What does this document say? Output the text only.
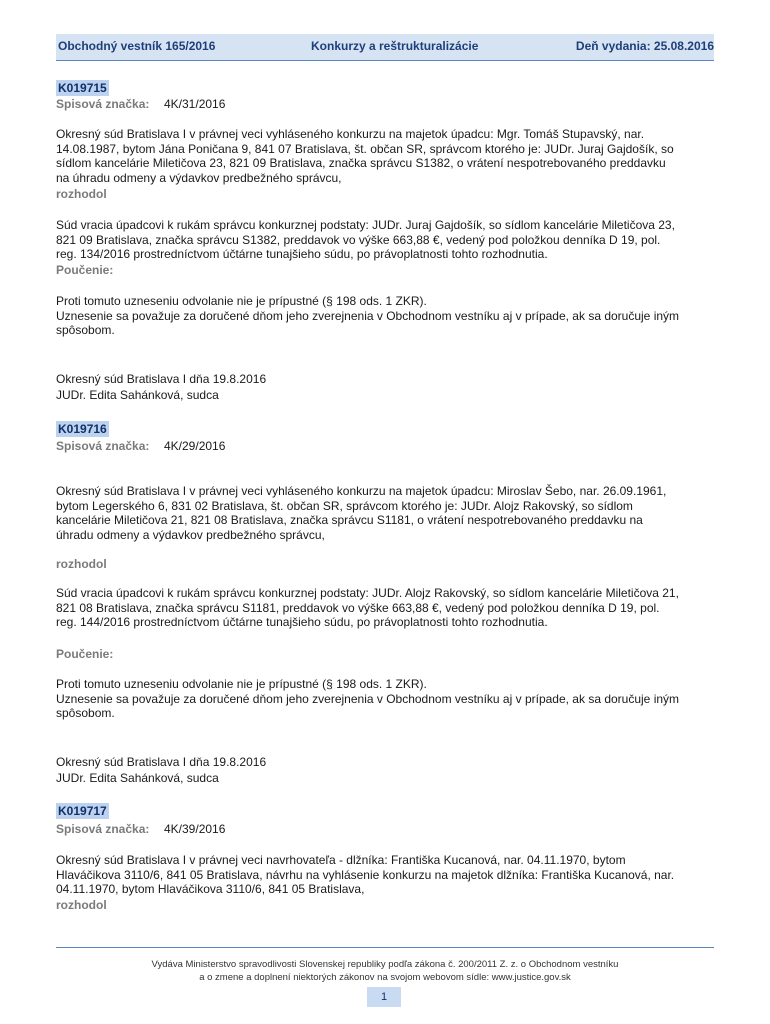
Obchodný vestník 165/2016	Konkurzy a reštrukturalizácie	Deň vydania: 25.08.2016
K019715
Spisová značka: 4K/31/2016
Okresný súd Bratislava I v právnej veci vyhláseného konkurzu na majetok úpadcu: Mgr. Tomáš Stupavský, nar.
14.08.1987, bytom Jána Poničana 9, 841 07 Bratislava, št. občan SR, správcom ktorého je: JUDr. Juraj Gajdošík, so
sídlom kancelárie Miletičova 23, 821 09 Bratislava, značka správcu S1382, o vrátení nespotrebovaného preddavku
na úhradu odmeny a výdavkov predbežného správcu,
rozhodol
Súd vracia úpadcovi k rukám správcu konkurznej podstaty: JUDr. Juraj Gajdošík, so sídlom kancelárie Miletičova 23,
821 09 Bratislava, značka správcu S1382, preddavok vo výške 663,88 €, vedený pod položkou denníka D 19, pol.
reg. 134/2016 prostredníctvom účtárne tunajšieho súdu, po právoplatnosti tohto rozhodnutia.
Poučenie:
Proti tomuto uzneseniu odvolanie nie je prípustné (§ 198 ods. 1 ZKR).
Uznesenie sa považuje za doručené dňom jeho zverejnenia v Obchodnom vestníku aj v prípade, ak sa doručuje iným
spôsobom.
Okresný súd Bratislava I dňa 19.8.2016
JUDr. Edita Sahánková, sudca
K019716
Spisová značka: 4K/29/2016
Okresný súd Bratislava I v právnej veci vyhláseného konkurzu na majetok úpadcu: Miroslav Šebo, nar. 26.09.1961,
bytom Legerského 6, 831 02 Bratislava, št. občan SR, správcom ktorého je: JUDr. Alojz Rakovský, so sídlom
kancelárie Miletičova 21, 821 08 Bratislava, značka správcu S1181, o vrátení nespotrebovaného preddavku na
úhradu odmeny a výdavkov predbežného správcu,
rozhodol
Súd vracia úpadcovi k rukám správcu konkurznej podstaty: JUDr. Alojz Rakovský, so sídlom kancelárie Miletičova 21,
821 08 Bratislava, značka správcu S1181, preddavok vo výške 663,88 €, vedený pod položkou denníka D 19, pol.
reg. 144/2016 prostredníctvom účtárne tunajšieho súdu, po právoplatnosti tohto rozhodnutia.
Poučenie:
Proti tomuto uzneseniu odvolanie nie je prípustné (§ 198 ods. 1 ZKR).
Uznesenie sa považuje za doručené dňom jeho zverejnenia v Obchodnom vestníku aj v prípade, ak sa doručuje iným
spôsobom.
Okresný súd Bratislava I dňa 19.8.2016
JUDr. Edita Sahánková, sudca
K019717
Spisová značka: 4K/39/2016
Okresný súd Bratislava I v právnej veci navrhovateľa - dlžníka: Františka Kucanová, nar. 04.11.1970, bytom
Hlaváčikova 3110/6, 841 05 Bratislava, návrhu na vyhlásenie konkurzu na majetok dlžníka: Františka Kucanová, nar.
04.11.1970, bytom Hlaváčikova 3110/6, 841 05 Bratislava,
rozhodol
Vydáva Ministerstvo spravodlivosti Slovenskej republiky podľa zákona č. 200/2011 Z. z. o Obchodnom vestníku
a o zmene a doplnení niektorých zákonov na svojom webovom sídle: www.justice.gov.sk
1
